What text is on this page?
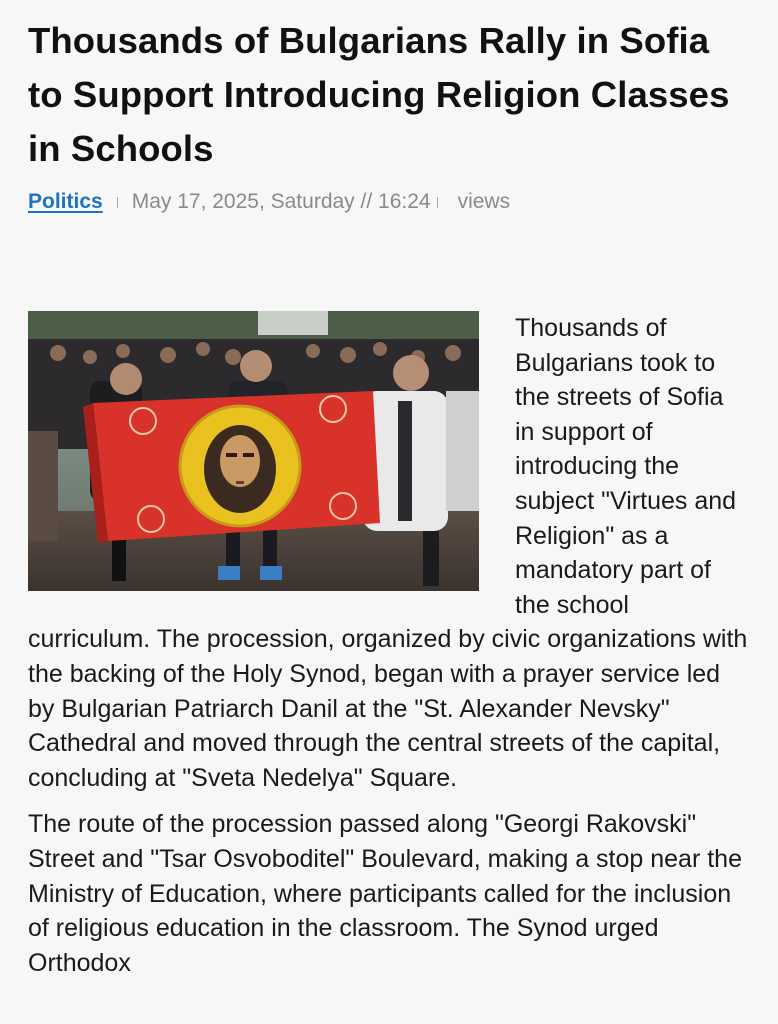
Thousands of Bulgarians Rally in Sofia to Support Introducing Religion Classes in Schools
Politics May 17, 2025, Saturday // 16:24 views

Thousands of Bulgarians took to the streets of Sofia in support of introducing the subject "Virtues and Religion" as a mandatory part of the school curriculum. The procession, organized by civic organizations with the backing of the Holy Synod, began with a prayer service led by Bulgarian Patriarch Danil at the "St. Alexander Nevsky" Cathedral and moved through the central streets of the capital, concluding at "Sveta Nedelya" Square.

The route of the procession passed along "Georgi Rakovski" Street and "Tsar Osvoboditel" Boulevard, making a stop near the Ministry of Education, where participants called for the inclusion of religious education in the classroom. The Synod urged Orthodox
